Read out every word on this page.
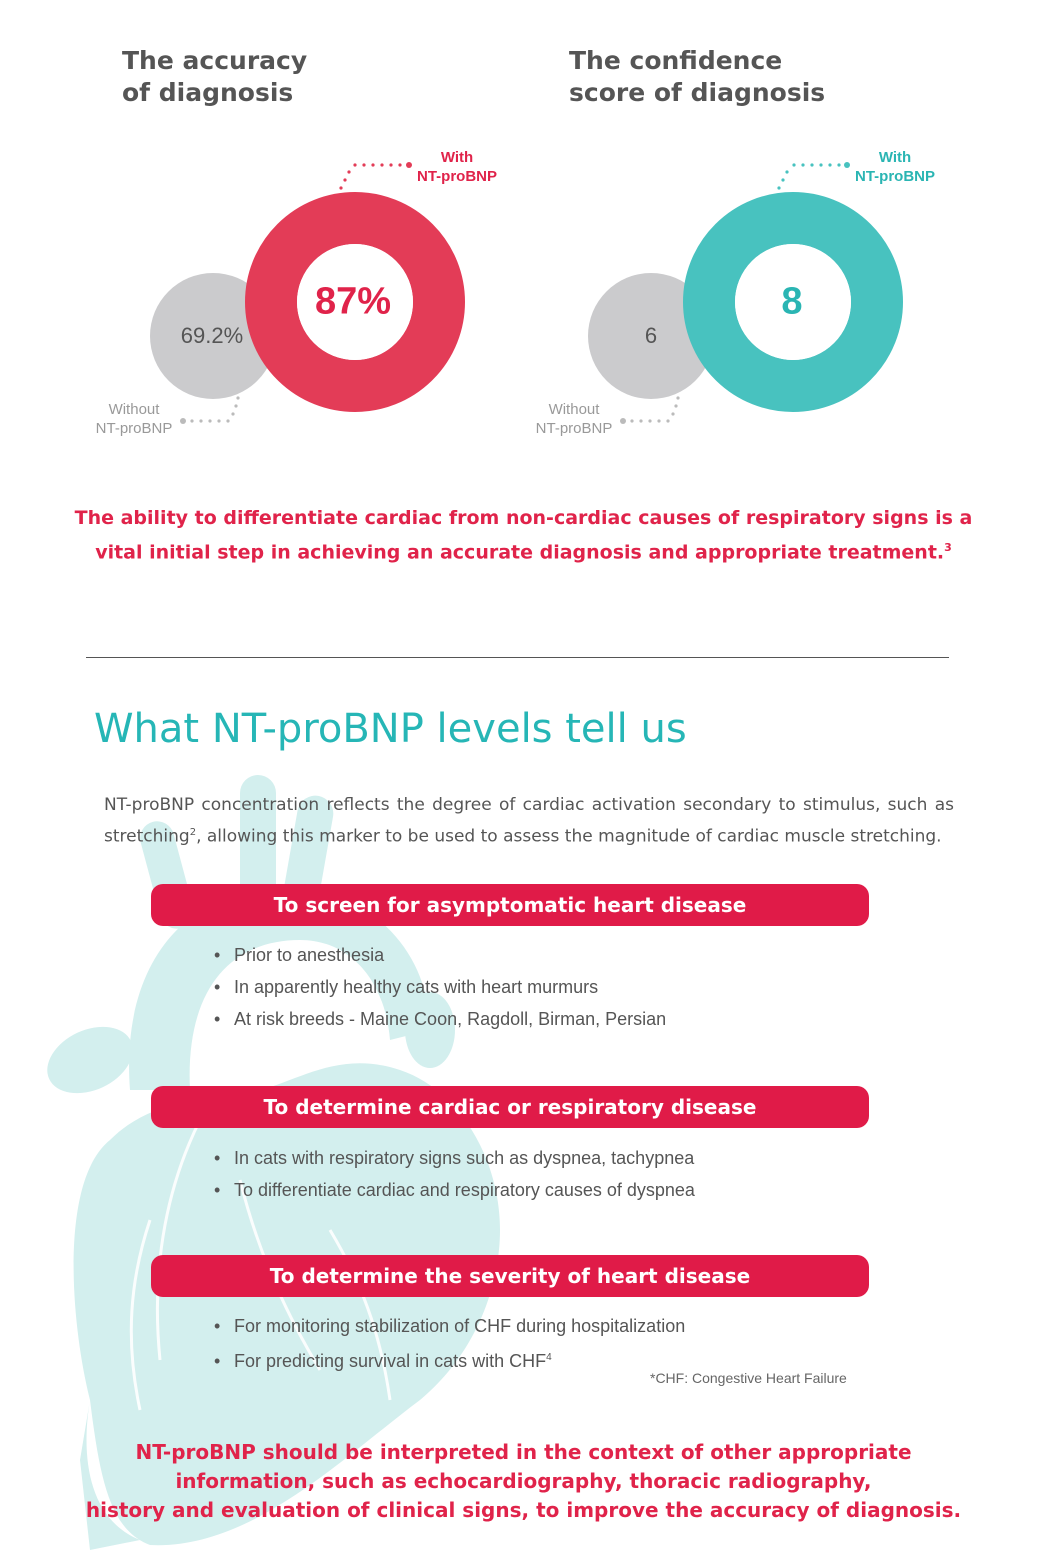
The accuracy
of diagnosis
87%
69.2%
With
NT-proBNP
Without
NT-proBNP
The confidence
score of diagnosis
8
6
With
NT-proBNP
Without
NT-proBNP
The ability to differentiate cardiac from non-cardiac causes of respiratory signs is a
vital initial step in achieving an accurate diagnosis and appropriate treatment.$^3$
What NT-proBNP levels tell us
NT-proBNP concentration reflects the degree of cardiac activation secondary to stimulus, such as stretching$^2$, allowing this marker to be used to assess the magnitude of cardiac muscle stretching.
To screen for asymptomatic heart disease
• Prior to anesthesia
• In apparently healthy cats with heart murmurs
• At risk breeds - Maine Coon, Ragdoll, Birman, Persian
To determine cardiac or respiratory disease
• In cats with respiratory signs such as dyspnea, tachypnea
• To differentiate cardiac and respiratory causes of dyspnea
To determine the severity of heart disease
• For monitoring stabilization of CHF during hospitalization
• For predicting survival in cats with CHF$^4$
*CHF: Congestive Heart Failure
NT-proBNP should be interpreted in the context of other appropriate
information, such as echocardiography, thoracic radiography,
history and evaluation of clinical signs, to improve the accuracy of diagnosis.
